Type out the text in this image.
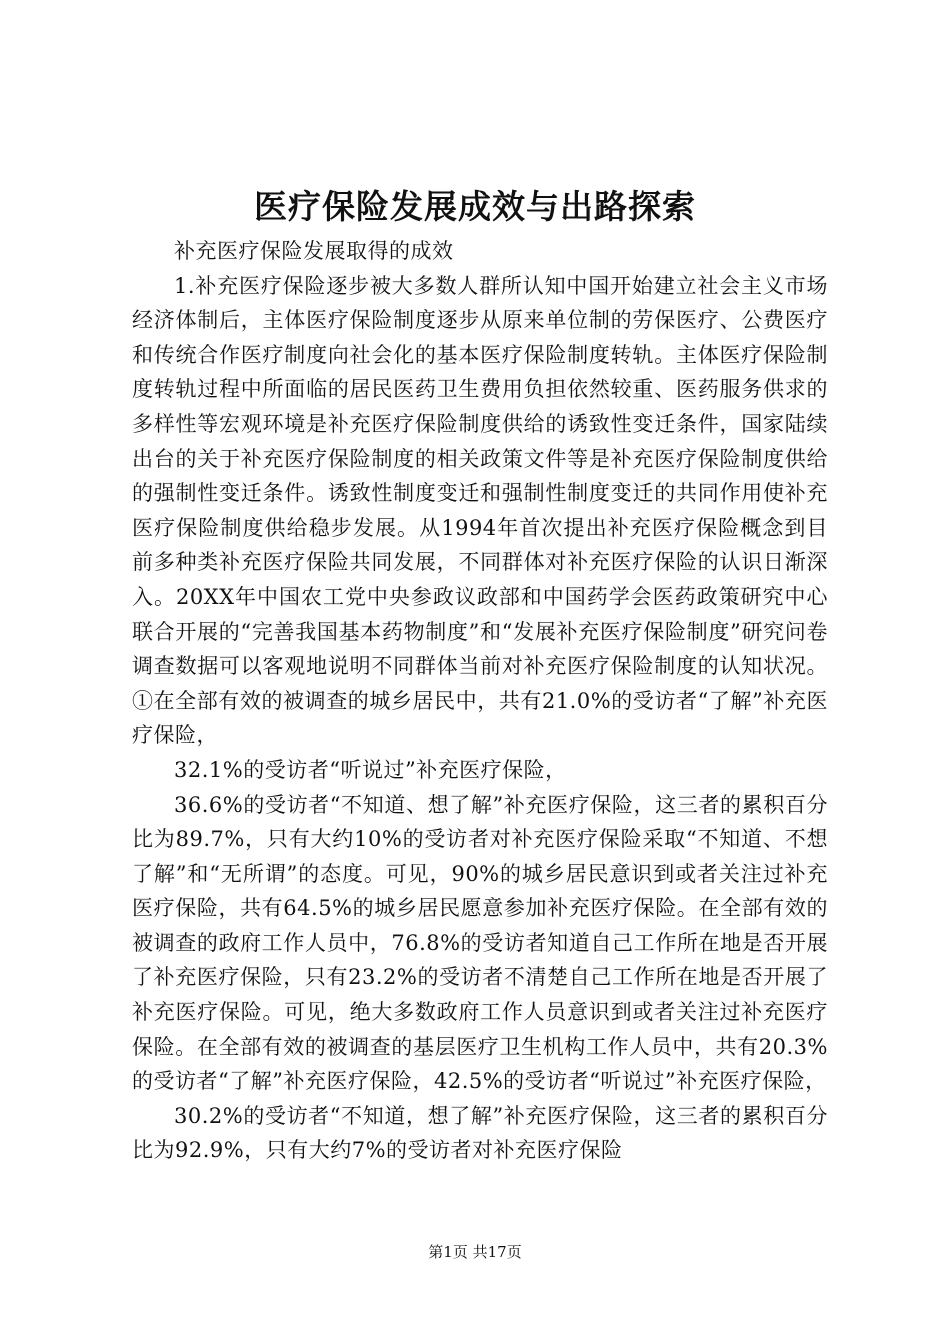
医疗保险发展成效与出路探索

补充医疗保险发展取得的成效

1.补充医疗保险逐步被大多数人群所认知中国开始建立社会主义市场经济体制后，主体医疗保险制度逐步从原来单位制的劳保医疗、公费医疗和传统合作医疗制度向社会化的基本医疗保险制度转轨。主体医疗保险制度转轨过程中所面临的居民医药卫生费用负担依然较重、医药服务供求的多样性等宏观环境是补充医疗保险制度供给的诱致性变迁条件，国家陆续出台的关于补充医疗保险制度的相关政策文件等是补充医疗保险制度供给的强制性变迁条件。诱致性制度变迁和强制性制度变迁的共同作用使补充医疗保险制度供给稳步发展。从1994年首次提出补充医疗保险概念到目前多种类补充医疗保险共同发展，不同群体对补充医疗保险的认识日渐深入。20XX年中国农工党中央参政议政部和中国药学会医药政策研究中心联合开展的“完善我国基本药物制度”和“发展补充医疗保险制度”研究问卷调查数据可以客观地说明不同群体当前对补充医疗保险制度的认知状况。①在全部有效的被调查的城乡居民中，共有21.0%的受访者“了解”补充医疗保险，

32.1%的受访者“听说过”补充医疗保险，

36.6%的受访者“不知道、想了解”补充医疗保险，这三者的累积百分比为89.7%，只有大约10%的受访者对补充医疗保险采取“不知道、不想了解”和“无所谓”的态度。可见，90%的城乡居民意识到或者关注过补充医疗保险，共有64.5%的城乡居民愿意参加补充医疗保险。在全部有效的被调查的政府工作人员中，76.8%的受访者知道自己工作所在地是否开展了补充医疗保险，只有23.2%的受访者不清楚自己工作所在地是否开展了补充医疗保险。可见，绝大多数政府工作人员意识到或者关注过补充医疗保险。在全部有效的被调查的基层医疗卫生机构工作人员中，共有20.3%的受访者“了解”补充医疗保险，42.5%的受访者“听说过”补充医疗保险，

30.2%的受访者“不知道，想了解”补充医疗保险，这三者的累积百分比为92.9%，只有大约7%的受访者对补充医疗保险

第1页 共17页
